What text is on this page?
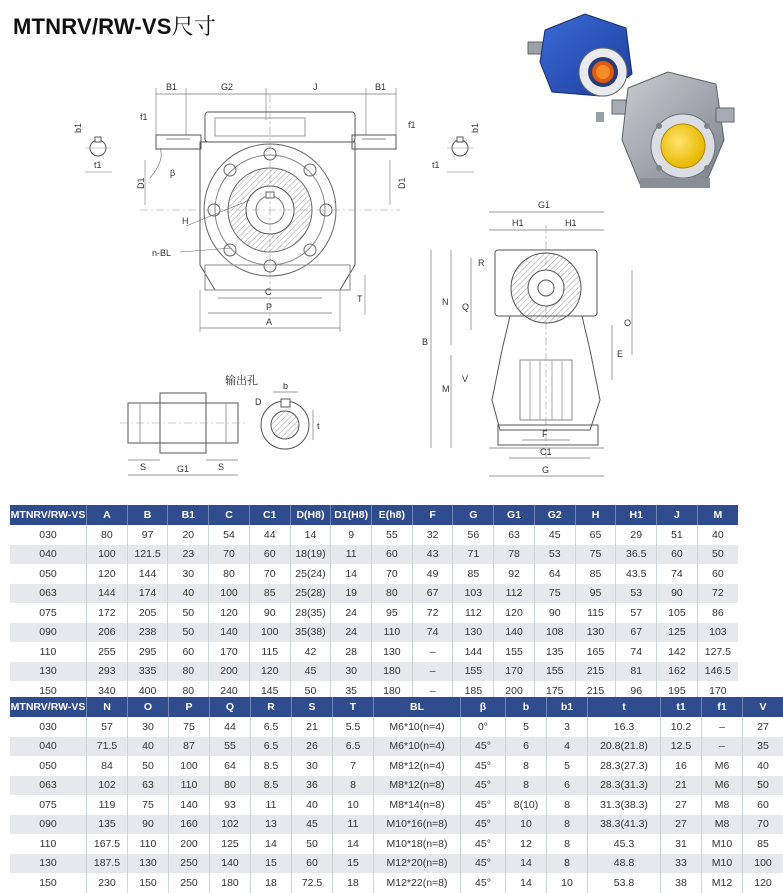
MTNRV/RW-VS尺寸
b1
f1
t1
B1	G2	J	B1
f1	b1
t1
D1
β
D1
H
n-BL
C
P
A
T
G1
H1	H1
R
N Q
O
B
E
V
M
F
C1
G
输出孔	b
D
t
S	S
G1
MTNRV/RW-VS	A	B	B1	C	C1	D(H8)	D1(H8)	E(h8)	F	G	G1	G2	H	H1	J	M
030	80	97	20	54	44	14	9	55	32	56	63	45	65	29	51	40
040	100	121.5	23	70	60	18(19)	11	60	43	71	78	53	75	36.5	60	50
050	120	144	30	80	70	25(24)	14	70	49	85	92	64	85	43.5	74	60
063	144	174	40	100	85	25(28)	19	80	67	103	112	75	95	53	90	72
075	172	205	50	120	90	28(35)	24	95	72	112	120	90	115	57	105	86
090	206	238	50	140	100	35(38)	24	110	74	130	140	108	130	67	125	103
110	255	295	60	170	115	42	28	130	–	144	155	135	165	74	142	127.5
130	293	335	80	200	120	45	30	180	–	155	170	155	215	81	162	146.5
150	340	400	80	240	145	50	35	180	–	185	200	175	215	96	195	170
MTNRV/RW-VS	N	O	P	Q	R	S	T	BL	β	b	b1	t	t1	f1	V
030	57	30	75	44	6.5	21	5.5	M6*10(n=4)	0°	5	3	16.3	10.2	–	27
040	71.5	40	87	55	6.5	26	6.5	M6*10(n=4)	45°	6	4	20.8(21.8)	12.5	–	35
050	84	50	100	64	8.5	30	7	M8*12(n=4)	45°	8	5	28.3(27.3)	16	M6	40
063	102	63	110	80	8.5	36	8	M8*12(n=8)	45°	8	6	28.3(31.3)	21	M6	50
075	119	75	140	93	11	40	10	M8*14(n=8)	45°	8(10)	8	31.3(38.3)	27	M8	60
090	135	90	160	102	13	45	11	M10*16(n=8)	45°	10	8	38.3(41.3)	27	M8	70
110	167.5	110	200	125	14	50	14	M10*18(n=8)	45°	12	8	45.3	31	M10	85
130	187.5	130	250	140	15	60	15	M12*20(n=8)	45°	14	8	48.8	33	M10	100
150	230	150	250	180	18	72.5	18	M12*22(n=8)	45°	14	10	53.8	38	M12	120
